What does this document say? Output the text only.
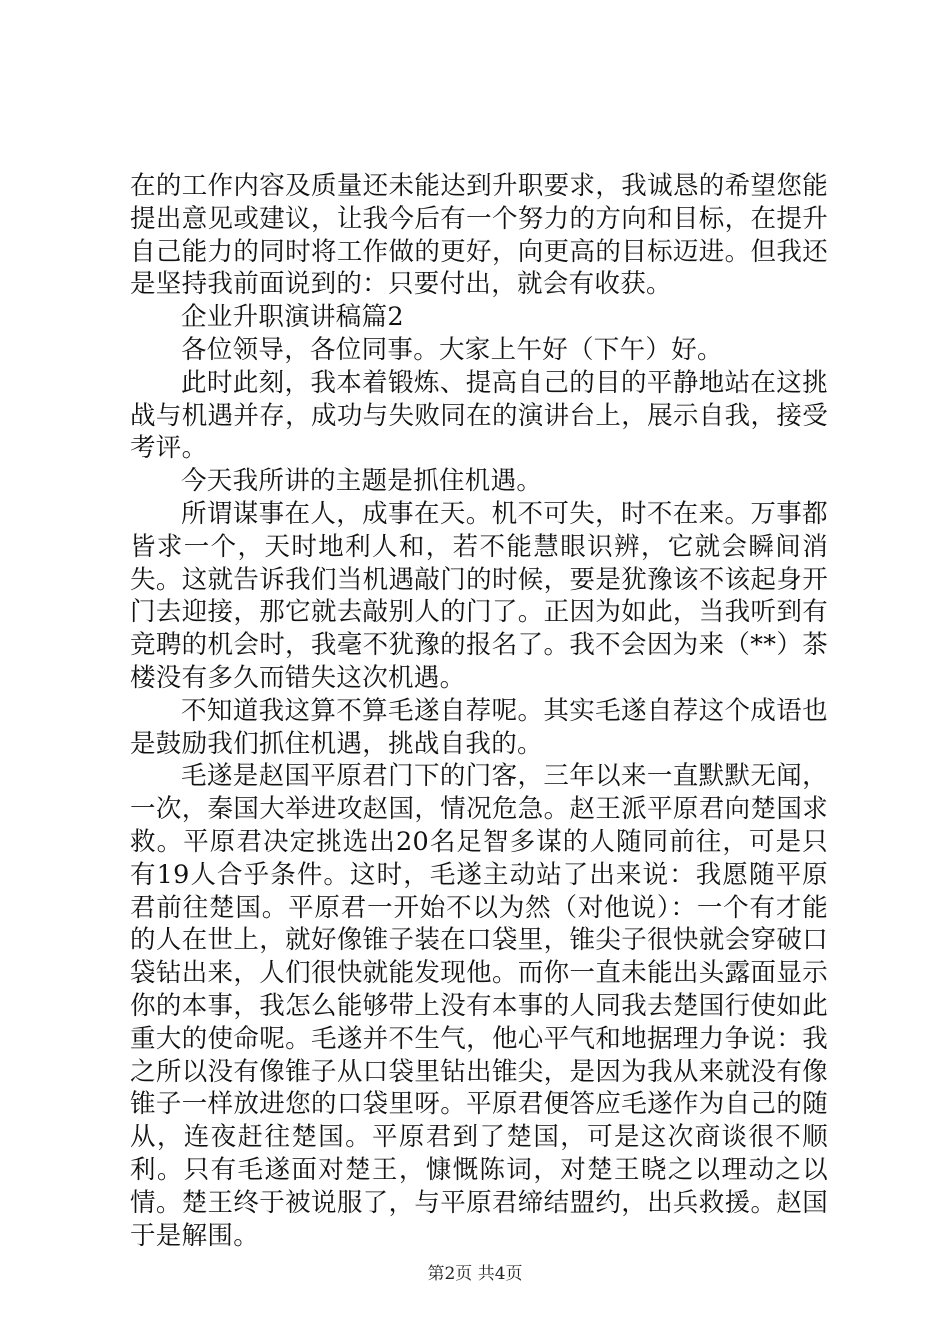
在的工作内容及质量还未能达到升职要求，我诚恳的希望您能提出意见或建议，让我今后有一个努力的方向和目标，在提升自己能力的同时将工作做的更好，向更高的目标迈进。但我还是坚持我前面说到的：只要付出，就会有收获。

企业升职演讲稿篇2

各位领导，各位同事。大家上午好（下午）好。

此时此刻，我本着锻炼、提高自己的目的平静地站在这挑战与机遇并存，成功与失败同在的演讲台上，展示自我，接受考评。

今天我所讲的主题是抓住机遇。

所谓谋事在人，成事在天。机不可失，时不在来。万事都皆求一个，天时地利人和，若不能慧眼识辨，它就会瞬间消失。这就告诉我们当机遇敲门的时候，要是犹豫该不该起身开门去迎接，那它就去敲别人的门了。正因为如此，当我听到有竞聘的机会时，我毫不犹豫的报名了。我不会因为来（**）茶楼没有多久而错失这次机遇。

不知道我这算不算毛遂自荐呢。其实毛遂自荐这个成语也是鼓励我们抓住机遇，挑战自我的。

毛遂是赵国平原君门下的门客，三年以来一直默默无闻，一次，秦国大举进攻赵国，情况危急。赵王派平原君向楚国求救。平原君决定挑选出20名足智多谋的人随同前往，可是只有19人合乎条件。这时，毛遂主动站了出来说：我愿随平原君前往楚国。平原君一开始不以为然（对他说）：一个有才能的人在世上，就好像锥子装在口袋里，锥尖子很快就会穿破口袋钻出来，人们很快就能发现他。而你一直未能出头露面显示你的本事，我怎么能够带上没有本事的人同我去楚国行使如此重大的使命呢。毛遂并不生气，他心平气和地据理力争说：我之所以没有像锥子从口袋里钻出锥尖，是因为我从来就没有像锥子一样放进您的口袋里呀。平原君便答应毛遂作为自己的随从，连夜赶往楚国。平原君到了楚国，可是这次商谈很不顺利。只有毛遂面对楚王，慷慨陈词，对楚王晓之以理动之以情。楚王终于被说服了，与平原君缔结盟约，出兵救援。赵国于是解围。

第2页 共4页
